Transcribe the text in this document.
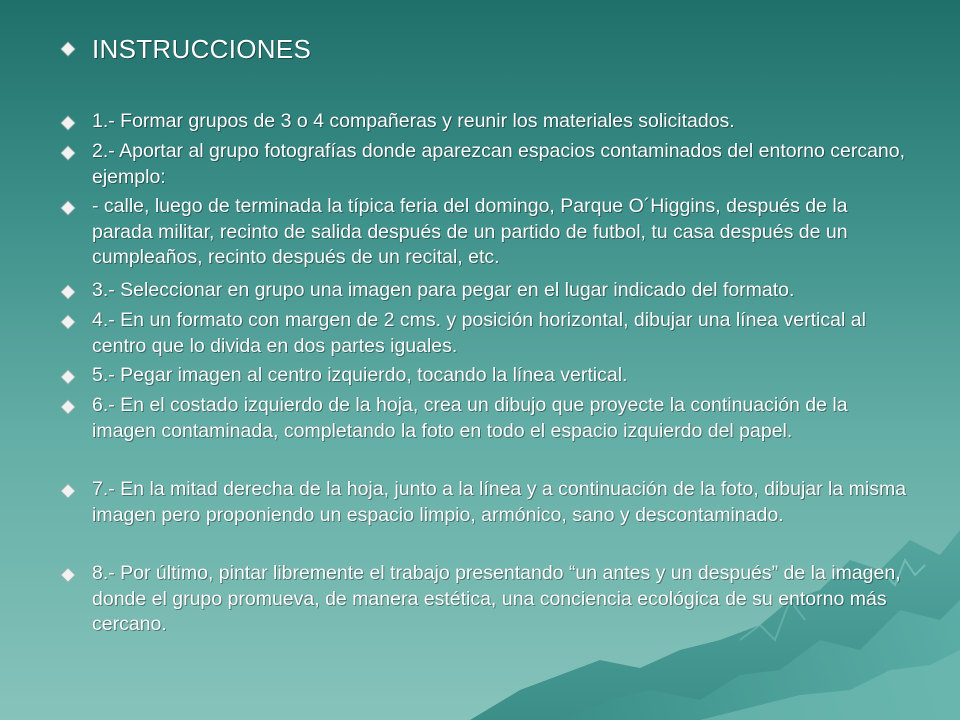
INSTRUCCIONES
1.- Formar grupos de 3 o 4 compañeras y reunir los materiales solicitados.
2.- Aportar al grupo fotografías donde aparezcan espacios contaminados del entorno cercano, ejemplo:
- calle, luego de terminada la típica feria del domingo, Parque O´Higgins, después de la parada militar, recinto de salida después de un partido de futbol, tu casa después de un cumpleaños, recinto después de un recital, etc.
3.- Seleccionar en grupo una imagen para pegar en el lugar indicado del formato.
4.- En un formato con margen de 2 cms. y posición horizontal, dibujar una línea vertical al centro que lo divida en dos partes iguales.
5.- Pegar imagen al centro izquierdo, tocando la línea vertical.
6.- En el costado izquierdo de la hoja, crea un dibujo que proyecte la continuación de la imagen contaminada, completando la foto en todo el espacio izquierdo del papel.
7.- En la mitad derecha de la hoja, junto a la línea y a continuación de la foto, dibujar la misma imagen pero proponiendo un espacio limpio, armónico, sano y descontaminado.
8.- Por último, pintar libremente el trabajo presentando “un antes y un después” de la imagen, donde el grupo promueva, de manera estética, una conciencia ecológica de su entorno más cercano.
